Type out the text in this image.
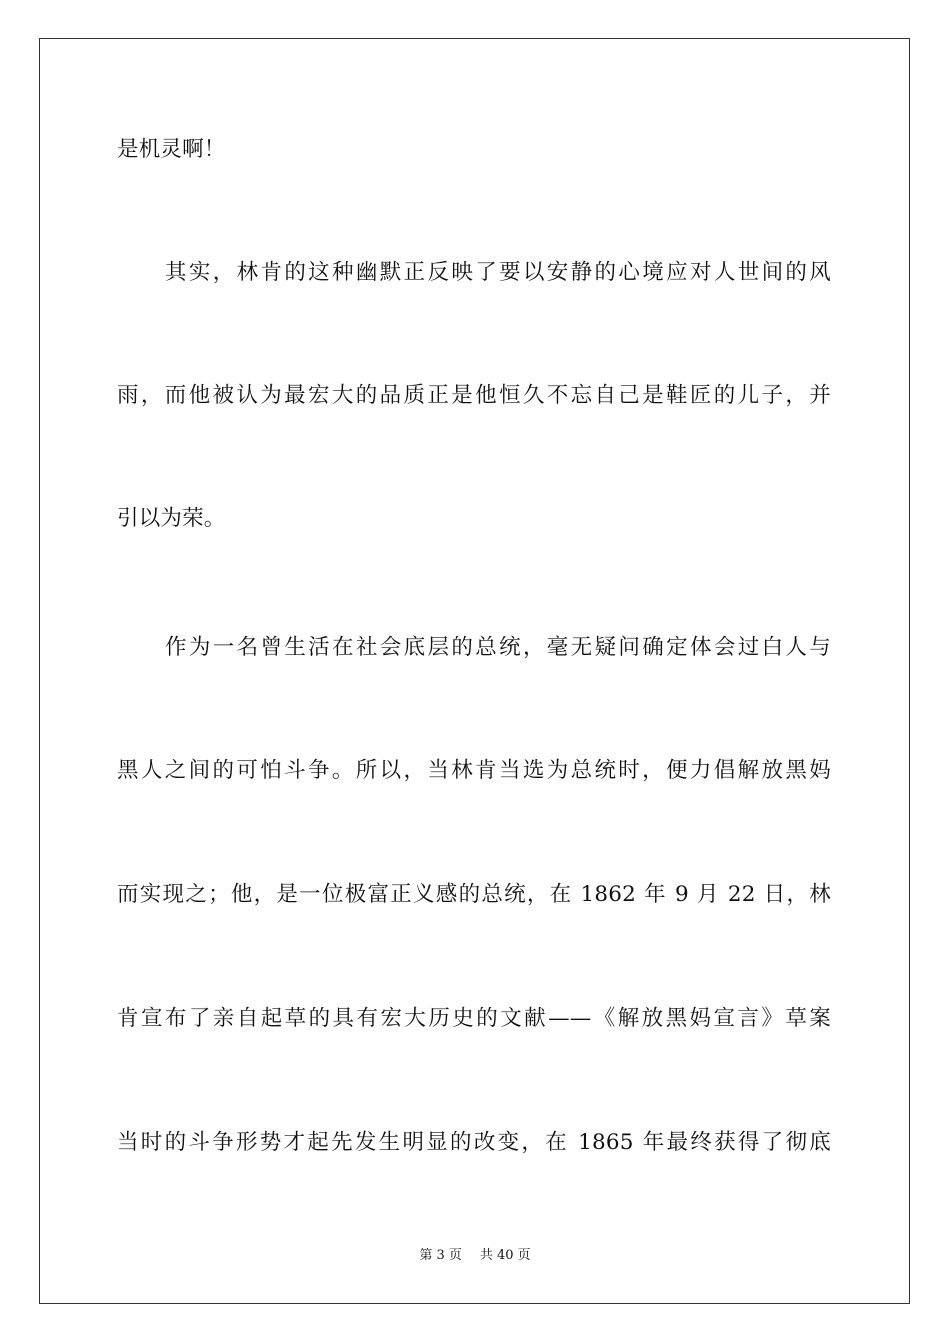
是机灵啊！
其实，林肯的这种幽默正反映了要以安静的心境应对人世间的风
雨，而他被认为最宏大的品质正是他恒久不忘自己是鞋匠的儿子，并
引以为荣。
作为一名曾生活在社会底层的总统，毫无疑问确定体会过白人与
黑人之间的可怕斗争。所以，当林肯当选为总统时，便力倡解放黑妈
而实现之；他，是一位极富正义感的总统，在 1862 年 9 月 22 日，林
肯宣布了亲自起草的具有宏大历史的文献——《解放黑妈宣言》草案
当时的斗争形势才起先发生明显的改变，在 1865 年最终获得了彻底
第 3 页 共 40 页
